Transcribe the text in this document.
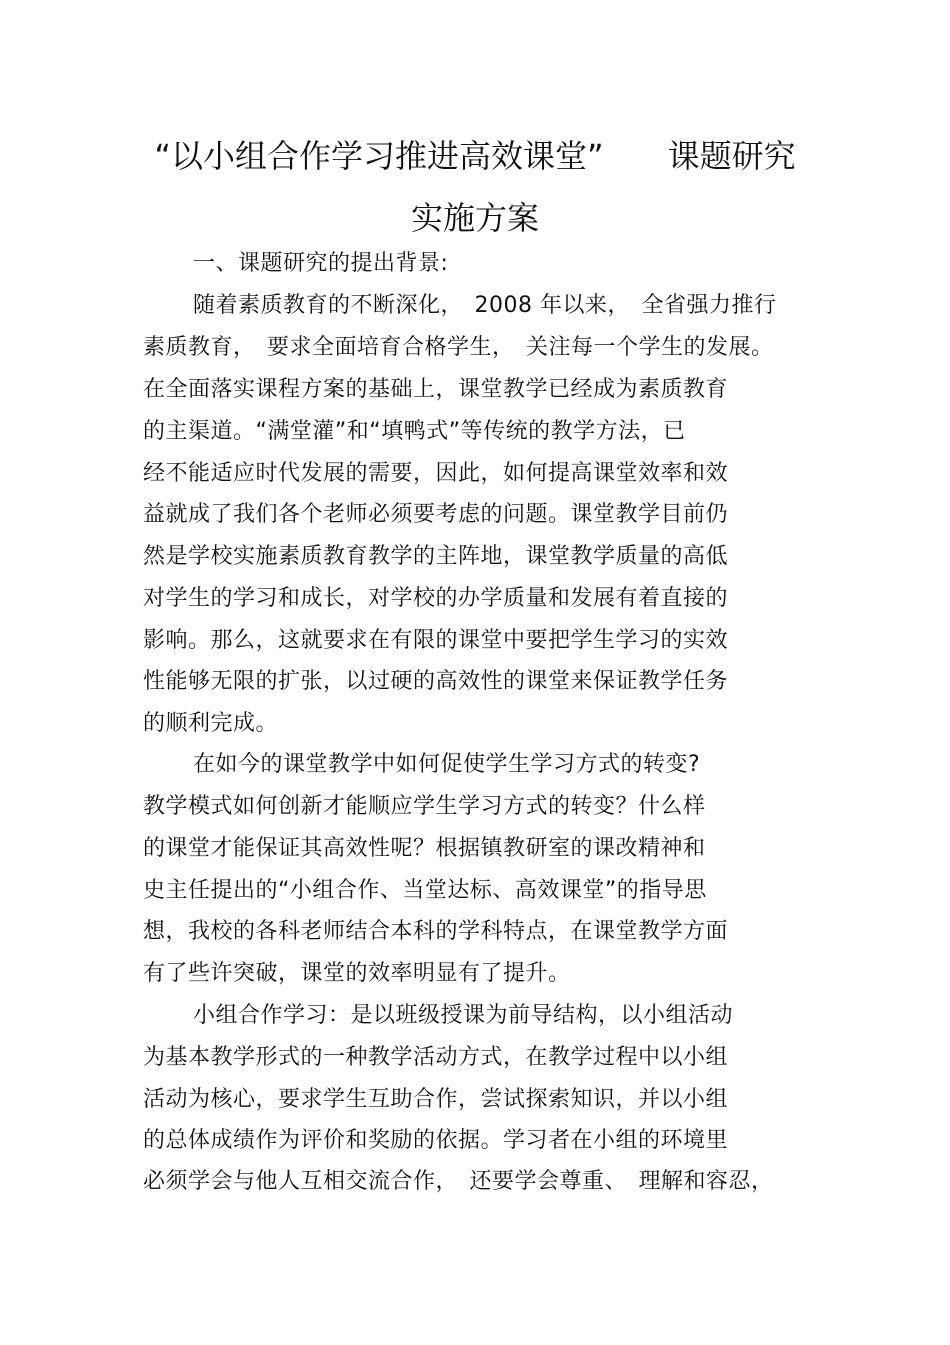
“以小组合作学习推进高效课堂”　　课题研究
实施方案
一、课题研究的提出背景:
随着素质教育的不断深化，　2008 年以来，　全省强力推行
素质教育，　要求全面培育合格学生，　关注每一个学生的发展。
在全面落实课程方案的基础上，课堂教学已经成为素质教育
的主渠道。“满堂灌”和“填鸭式”等传统的教学方法，已
经不能适应时代发展的需要，因此，如何提高课堂效率和效
益就成了我们各个老师必须要考虑的问题。课堂教学目前仍
然是学校实施素质教育教学的主阵地，课堂教学质量的高低
对学生的学习和成长，对学校的办学质量和发展有着直接的
影响。那么，这就要求在有限的课堂中要把学生学习的实效
性能够无限的扩张，以过硬的高效性的课堂来保证教学任务
的顺利完成。
在如今的课堂教学中如何促使学生学习方式的转变?
教学模式如何创新才能顺应学生学习方式的转变？什么样
的课堂才能保证其高效性呢？根据镇教研室的课改精神和
史主任提出的“小组合作、当堂达标、高效课堂”的指导思
想，我校的各科老师结合本科的学科特点，在课堂教学方面
有了些许突破，课堂的效率明显有了提升。
小组合作学习：是以班级授课为前导结构，以小组活动
为基本教学形式的一种教学活动方式，在教学过程中以小组
活动为核心，要求学生互助合作，尝试探索知识，并以小组
的总体成绩作为评价和奖励的依据。学习者在小组的环境里
必须学会与他人互相交流合作，　还要学会尊重、　理解和容忍，
